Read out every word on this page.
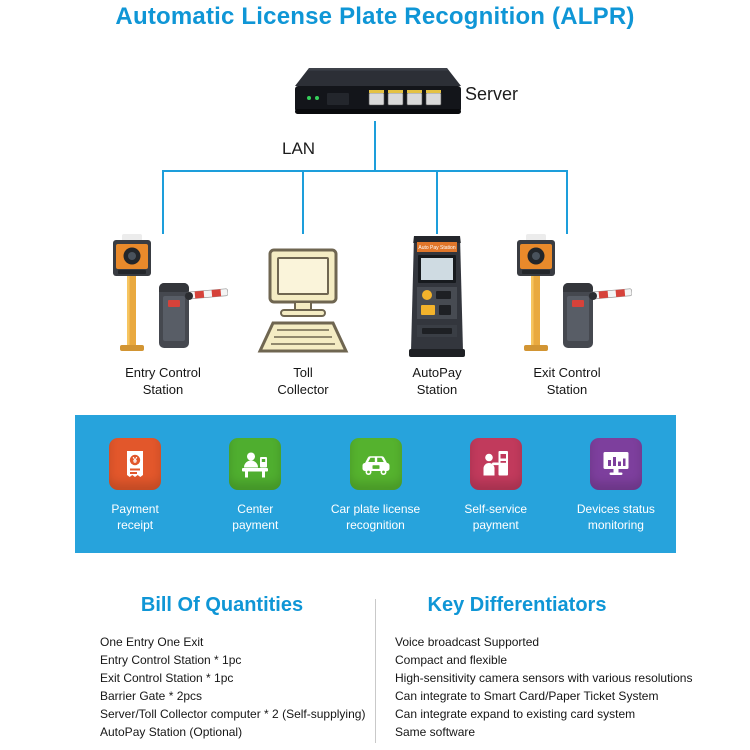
Automatic License Plate Recognition (ALPR)
Server
LAN
Entry Control
Station
Toll
Collector
Auto Pay Station
AutoPay
Station
Exit Control
Station
¥
Payment
receipt
Center
payment
Car plate license
recognition
Self-service
payment
Devices status
monitoring
Bill Of Quantities	Key Differentiators
One Entry One Exit
Entry Control Station * 1pc
Exit Control Station * 1pc
Barrier Gate * 2pcs
Server/Toll Collector computer * 2 (Self-supplying)
AutoPay Station (Optional)
Voice broadcast Supported
Compact and flexible
High-sensitivity camera sensors with various resolutions
Can integrate to Smart Card/Paper Ticket System
Can integrate expand to existing card system
Same software
